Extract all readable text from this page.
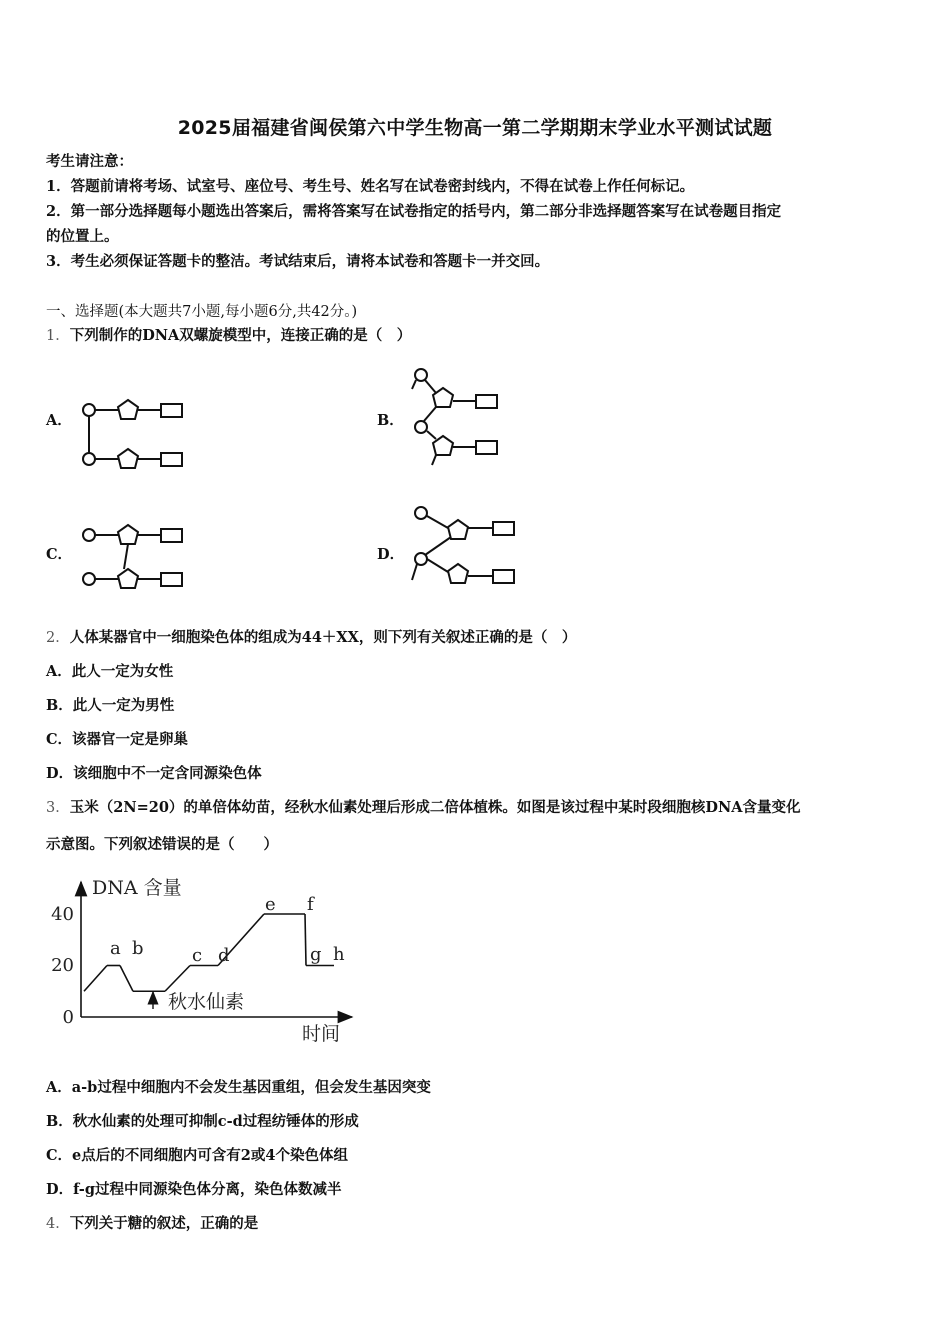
2025届福建省闽侯第六中学生物高一第二学期期末学业水平测试试题
考生请注意：
1．答题前请将考场、试室号、座位号、考生号、姓名写在试卷密封线内，不得在试卷上作任何标记。
2．第一部分选择题每小题选出答案后，需将答案写在试卷指定的括号内，第二部分非选择题答案写在试卷题目指定
的位置上。
3．考生必须保证答题卡的整洁。考试结束后，请将本试卷和答题卡一并交回。
一、选择题(本大题共7小题,每小题6分,共42分。)
1．下列制作的DNA双螺旋模型中，连接正确的是（　）
A．	B．
C．	D．
2．人体某器官中一细胞染色体的组成为44＋XX，则下列有关叙述正确的是（　）
A．此人一定为女性
B．此人一定为男性
C．该器官一定是卵巢
D．该细胞中不一定含同源染色体
3．玉米（2N=20）的单倍体幼苗，经秋水仙素处理后形成二倍体植株。如图是该过程中某时段细胞核DNA含量变化
示意图。下列叙述错误的是（　　）
DNA 含量
时间
40
20
0
a b	c d
e f
g h
秋水仙素
A．a-b过程中细胞内不会发生基因重组，但会发生基因突变
B．秋水仙素的处理可抑制c-d过程纺锤体的形成
C．e点后的不同细胞内可含有2或4个染色体组
D．f-g过程中同源染色体分离，染色体数减半
4．下列关于糖的叙述，正确的是
